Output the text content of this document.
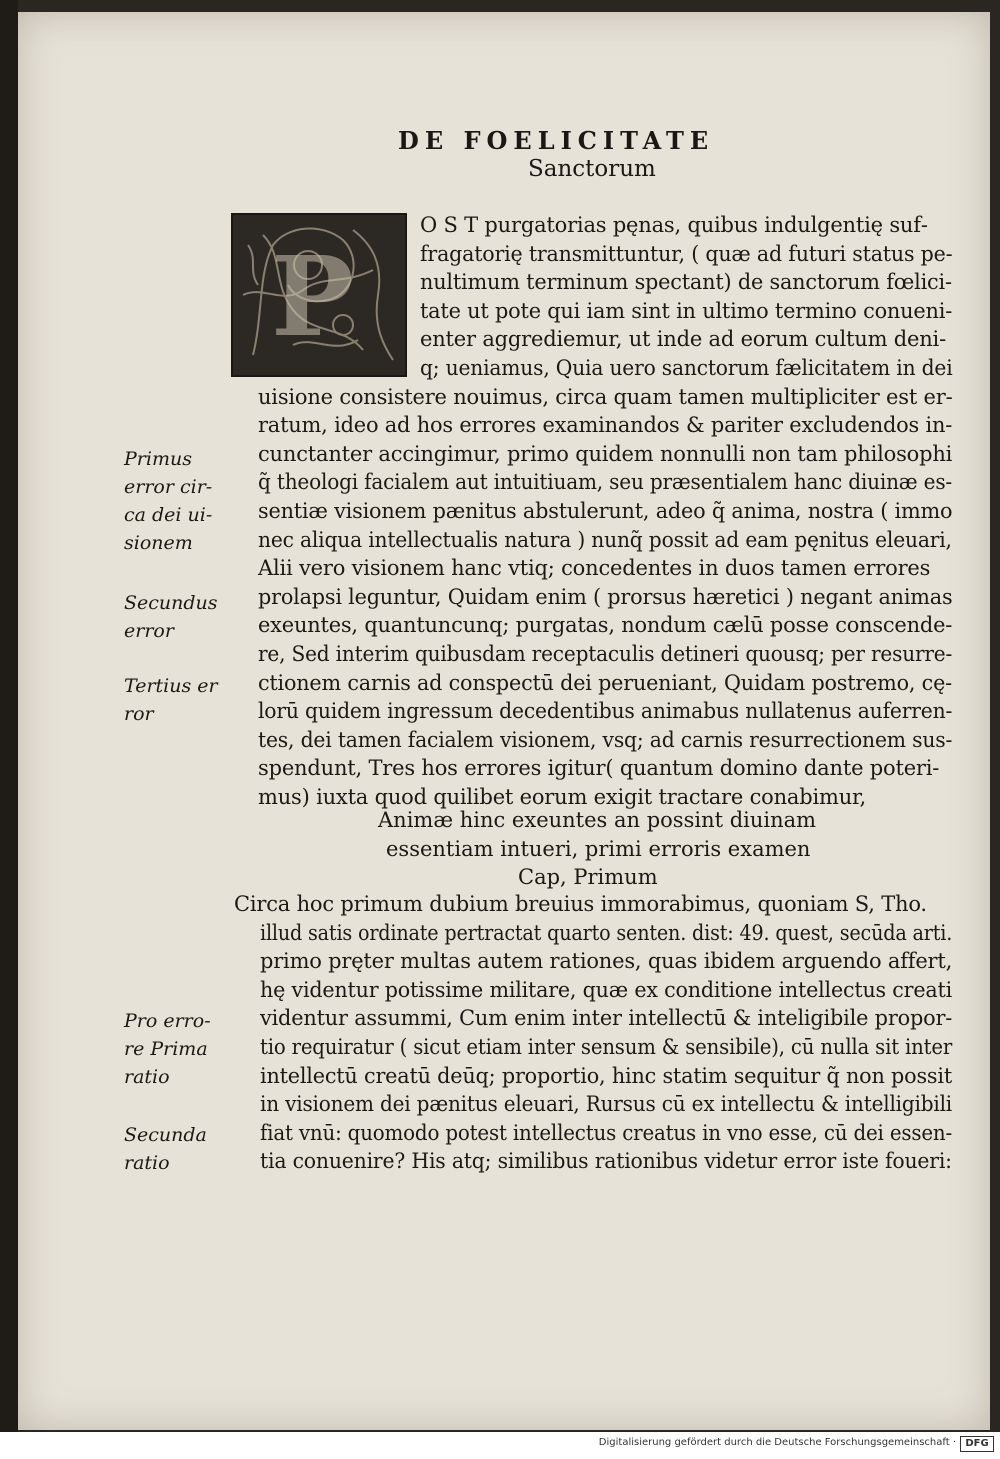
DE FOELICITATE
Sanctorum
P
O S T purgatorias pęnas, quibus indulgentię suf‑
fragatorię transmittuntur, ( quæ ad futuri status pe‑
nultimum terminum spectant) de sanctorum fœlici‑
tate ut pote qui iam sint in ultimo termino conueni‑
enter aggrediemur, ut inde ad eorum cultum deni‑
q; ueniamus, Quia uero sanctorum fælicitatem in dei
uisione consistere nouimus, circa quam tamen multipliciter est er‑
ratum, ideo ad hos errores examinandos & pariter excludendos in‑
cunctanter accingimur, primo quidem nonnulli non tam philosophi
q̃ theologi facialem aut intuitiuam, seu præsentialem hanc diuinæ es‑
sentiæ visionem pænitus abstulerunt, adeo q̃ anima, nostra ( immo
nec aliqua intellectualis natura ) nunq̃ possit ad eam pęnitus eleuari,
Alii vero visionem hanc vtiq; concedentes in duos tamen errores
prolapsi leguntur, Quidam enim ( prorsus hæretici ) negant animas
exeuntes, quantuncunq; purgatas, nondum cælū posse conscende‑
re, Sed interim quibusdam receptaculis detineri quousq; per resurre‑
ctionem carnis ad conspectū dei perueniant, Quidam postremo, cę‑
lorū quidem ingressum decedentibus animabus nullatenus auferren‑
tes, dei tamen facialem visionem, vsq; ad carnis resurrectionem sus‑
spendunt, Tres hos errores igitur( quantum domino dante poteri‑
mus) iuxta quod quilibet eorum exigit tractare conabimur,
Animæ hinc exeuntes an possint diuinam
essentiam intueri, primi erroris examen
Cap, Primum
Circa hoc primum dubium breuius immorabimus, quoniam S, Tho.
illud satis ordinate pertractat quarto senten. dist: 49. quest, secūda arti.
primo pręter multas autem rationes, quas ibidem arguendo affert,
hę videntur potissime militare, quæ ex conditione intellectus creati
videntur assummi, Cum enim inter intellectū & inteligibile propor‑
tio requiratur ( sicut etiam inter sensum & sensibile), cū nulla sit inter
intellectū creatū deūq; proportio, hinc statim sequitur q̃ non possit
in visionem dei pænitus eleuari, Rursus cū ex intellectu & intelligibili
fiat vnū: quomodo potest intellectus creatus in vno esse, cū dei essen‑
tia conuenire? His atq; similibus rationibus videtur error iste foueri:
Primus
error cir‑
ca dei ui‑
sionem
Secundus
error
Tertius er
ror
Pro erro‑
re Prima
ratio
Secunda
ratio
Digitalisierung gefördert durch die Deutsche Forschungsgemeinschaft · DFG
